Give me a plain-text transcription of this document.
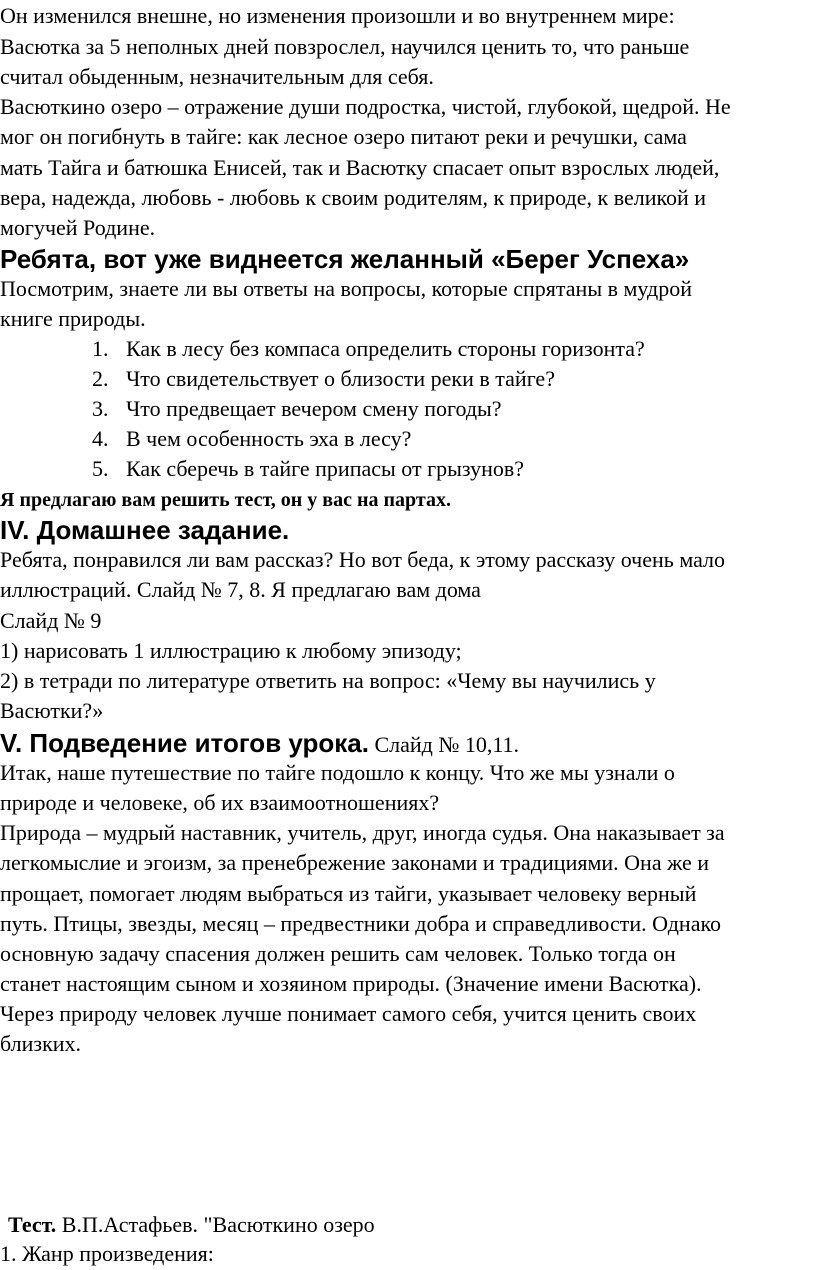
Он изменился внешне, но изменения произошли и во внутреннем мире:

Васютка за 5 неполных дней повзрослел, научился ценить то, что раньше

считал обыденным, незначительным для себя.

Васюткино озеро – отражение души подростка, чистой, глубокой, щедрой. Не

мог он погибнуть в тайге: как лесное озеро питают реки и речушки, сама

мать Тайга и батюшка Енисей, так и Васютку спасает опыт взрослых людей,

вера, надежда, любовь - любовь к своим родителям, к природе, к великой и

могучей Родине.

Ребята, вот уже виднеется желанный «Берег Успеха»

Посмотрим, знаете ли вы ответы на вопросы, которые спрятаны в мудрой

книге природы.

1. Как в лесу без компаса определить стороны горизонта?
2. Что свидетельствует о близости реки в тайге?
3. Что предвещает вечером смену погоды?
4. В чем особенность эха в лесу?
5. Как сберечь в тайге припасы от грызунов?

Я предлагаю вам решить тест, он у вас на партах.

IV. Домашнее задание.

Ребята, понравился ли вам рассказ? Но вот беда, к этому рассказу очень мало

иллюстраций. Слайд № 7, 8. Я предлагаю вам дома

Слайд № 9

1) нарисовать 1 иллюстрацию к любому эпизоду;

2) в тетради по литературе ответить на вопрос: «Чему вы научились у

Васютки?»

V. Подведение итогов урока. Слайд № 10,11.

Итак, наше путешествие по тайге подошло к концу. Что же мы узнали о

природе и человеке, об их взаимоотношениях?

Природа – мудрый наставник, учитель, друг, иногда судья. Она наказывает за

легкомыслие и эгоизм, за пренебрежение законами и традициями. Она же и

прощает, помогает людям выбраться из тайги, указывает человеку верный

путь. Птицы, звезды, месяц – предвестники добра и справедливости. Однако

основную задачу спасения должен решить сам человек. Только тогда он

станет настоящим сыном и хозяином природы. (Значение имени Васютка).

Через природу человек лучше понимает самого себя, учится ценить своих

близких.

Тест. В.П.Астафьев. "Васюткино озеро

1. Жанр произведения:
